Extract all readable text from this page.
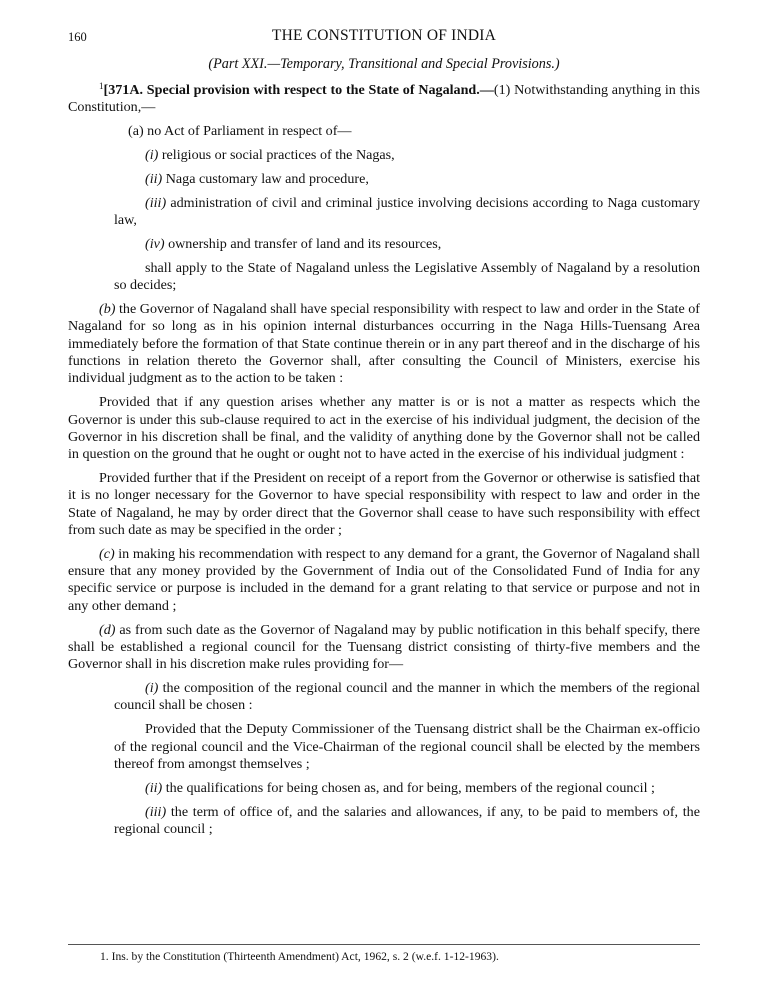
160	THE CONSTITUTION OF INDIA
(Part XXI.—Temporary, Transitional and Special Provisions.)

$^1$[371A. Special provision with respect to the State of Nagaland.—(1) Notwithstanding anything in this Constitution,—

(a) no Act of Parliament in respect of—

(i) religious or social practices of the Nagas,

(ii) Naga customary law and procedure,

(iii) administration of civil and criminal justice involving decisions according to Naga customary law,

(iv) ownership and transfer of land and its resources,

shall apply to the State of Nagaland unless the Legislative Assembly of Nagaland by a resolution so decides;

(b) the Governor of Nagaland shall have special responsibility with respect to law and order in the State of Nagaland for so long as in his opinion internal disturbances occurring in the Naga Hills-Tuensang Area immediately before the formation of that State continue therein or in any part thereof and in the discharge of his functions in relation thereto the Governor shall, after consulting the Council of Ministers, exercise his individual judgment as to the action to be taken :

Provided that if any question arises whether any matter is or is not a matter as respects which the Governor is under this sub-clause required to act in the exercise of his individual judgment, the decision of the Governor in his discretion shall be final, and the validity of anything done by the Governor shall not be called in question on the ground that he ought or ought not to have acted in the exercise of his individual judgment :

Provided further that if the President on receipt of a report from the Governor or otherwise is satisfied that it is no longer necessary for the Governor to have special responsibility with respect to law and order in the State of Nagaland, he may by order direct that the Governor shall cease to have such responsibility with effect from such date as may be specified in the order ;

(c) in making his recommendation with respect to any demand for a grant, the Governor of Nagaland shall ensure that any money provided by the Government of India out of the Consolidated Fund of India for any specific service or purpose is included in the demand for a grant relating to that service or purpose and not in any other demand ;

(d) as from such date as the Governor of Nagaland may by public notification in this behalf specify, there shall be established a regional council for the Tuensang district consisting of thirty-five members and the Governor shall in his discretion make rules providing for—

(i) the composition of the regional council and the manner in which the members of the regional council shall be chosen :

Provided that the Deputy Commissioner of the Tuensang district shall be the Chairman ex-officio of the regional council and the Vice-Chairman of the regional council shall be elected by the members thereof from amongst themselves ;

(ii) the qualifications for being chosen as, and for being, members of the regional council ;

(iii) the term of office of, and the salaries and allowances, if any, to be paid to members of, the regional council ;

1. Ins. by the Constitution (Thirteenth Amendment) Act, 1962, s. 2 (w.e.f. 1-12-1963).
